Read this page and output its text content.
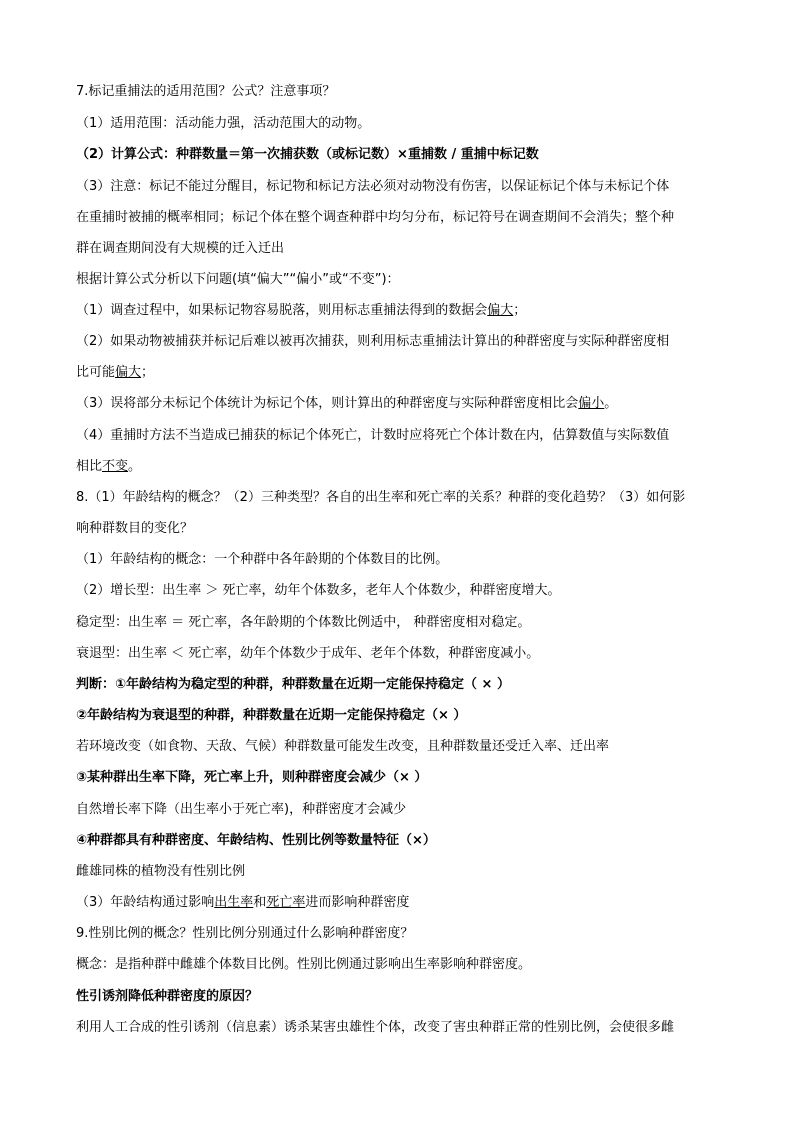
7.标记重捕法的适用范围？公式？注意事项？
（1）适用范围：活动能力强，活动范围大的动物。
（2）计算公式：种群数量＝第一次捕获数（或标记数）×重捕数 / 重捕中标记数
（3）注意：标记不能过分醒目，标记物和标记方法必须对动物没有伤害，以保证标记个体与未标记个体
在重捕时被捕的概率相同；标记个体在整个调查种群中均匀分布，标记符号在调查期间不会消失；整个种
群在调查期间没有大规模的迁入迁出
根据计算公式分析以下问题(填“偏大”“偏小”或“不变”)：
（1）调查过程中，如果标记物容易脱落，则用标志重捕法得到的数据会偏大；
（2）如果动物被捕获并标记后难以被再次捕获，则利用标志重捕法计算出的种群密度与实际种群密度相
比可能偏大；
（3）误将部分未标记个体统计为标记个体，则计算出的种群密度与实际种群密度相比会偏小。
（4）重捕时方法不当造成已捕获的标记个体死亡，计数时应将死亡个体计数在内，估算数值与实际数值
相比不变。
8.（1）年龄结构的概念？（2）三种类型？各自的出生率和死亡率的关系？种群的变化趋势？（3）如何影
响种群数目的变化？
（1）年龄结构的概念：一个种群中各年龄期的个体数目的比例。
（2）增长型：出生率 ＞ 死亡率，幼年个体数多，老年人个体数少，种群密度增大。
稳定型：出生率 ＝ 死亡率，各年龄期的个体数比例适中， 种群密度相对稳定。
衰退型：出生率 ＜ 死亡率，幼年个体数少于成年、老年个体数，种群密度减小。
判断：①年龄结构为稳定型的种群，种群数量在近期一定能保持稳定（ × ）
②年龄结构为衰退型的种群，种群数量在近期一定能保持稳定（× ）
若环境改变（如食物、天敌、气候）种群数量可能发生改变，且种群数量还受迁入率、迁出率
③某种群出生率下降，死亡率上升，则种群密度会减少（× ）
自然增长率下降（出生率小于死亡率)，种群密度才会减少
④种群都具有种群密度、年龄结构、性别比例等数量特征（×）
雌雄同株的植物没有性别比例
（3）年龄结构通过影响出生率和死亡率进而影响种群密度
9.性别比例的概念？性别比例分别通过什么影响种群密度？
概念：是指种群中雌雄个体数目比例。性别比例通过影响出生率影响种群密度。
性引诱剂降低种群密度的原因？
利用人工合成的性引诱剂（信息素）诱杀某害虫雄性个体，改变了害虫种群正常的性别比例，会使很多雌
